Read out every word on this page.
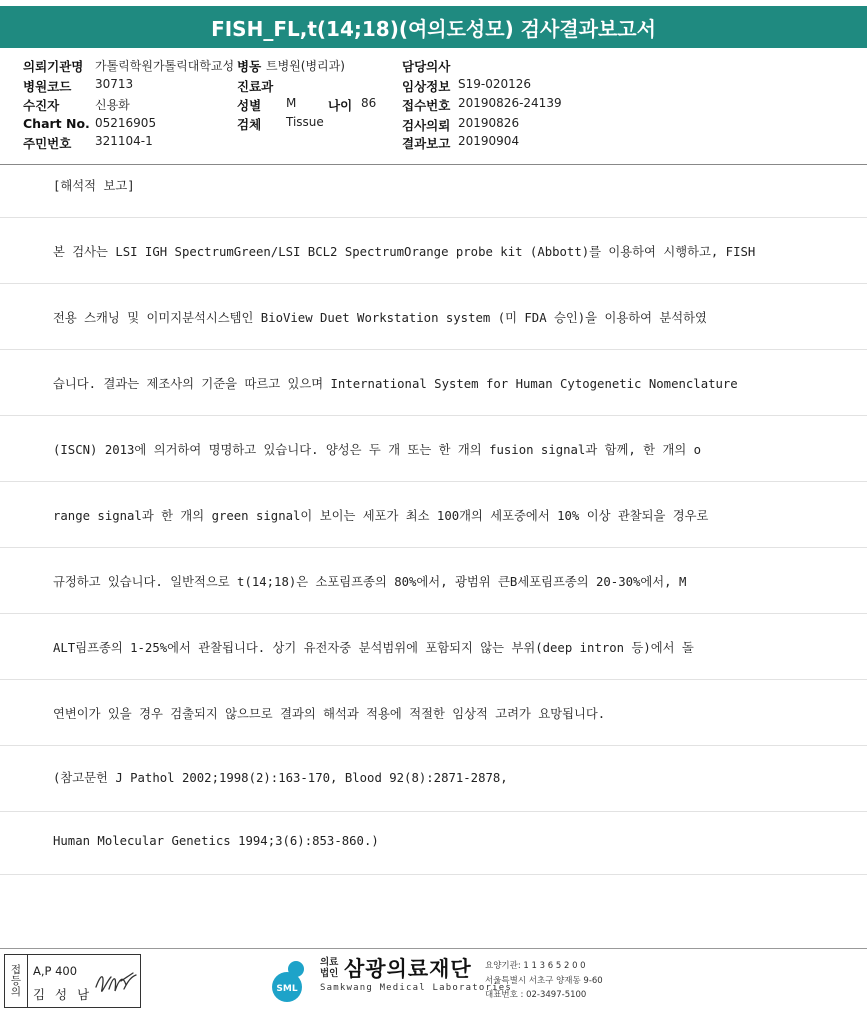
FISH_FL,t(14;18)(여의도성모) 검사결과보고서
의뢰기관명 가톨릭학원가톨릭대학교성 병동 트병원(병리과)	담당의사
병원코드 30713	진료과	임상정보 S19-020126
수진자	신용화	성별 M	나이 86 접수번호 20190826-24139
Chart No. 05216905	검체 Tissue	검사의뢰 20190826
주민번호 321104-1	결과보고 20190904
[해석적 보고]
본 검사는 LSI IGH SpectrumGreen/LSI BCL2 SpectrumOrange probe kit (Abbott)를 이용하여 시행하고, FISH
전용 스캐닝 및 이미지분석시스템인 BioView Duet Workstation system (미 FDA 승인)을 이용하여 분석하였
습니다. 결과는 제조사의 기준을 따르고 있으며 International System for Human Cytogenetic Nomenclature
(ISCN) 2013에 의거하여 명명하고 있습니다. 양성은 두 개 또는 한 개의 fusion signal과 함께, 한 개의 o
range signal과 한 개의 green signal이 보이는 세포가 최소 100개의 세포중에서 10% 이상 관찰되을 경우로
규정하고 있습니다. 일반적으로 t(14;18)은 소포림프종의 80%에서, 광범위 큰B세포림프종의 20-30%에서, M
ALT림프종의 1-25%에서 관찰됩니다. 상기 유전자중 분석범위에 포함되지 않는 부위(deep intron 등)에서 돌
연변이가 있을 경우 검출되지 않으므로 결과의 해석과 적용에 적절한 임상적 고려가 요망됩니다.
(참고문헌 J Pathol 2002;1998(2):163-170, Blood 92(8):2871-2878,
Human Molecular Genetics 1994;3(6):853-860.)
접
등
의
A,P 400
김 성 남	SML
의료
법인 삼광의료재단
Samkwang Medical Laboratories
요양기관: 1 1 3 6 5 2 0 0
서울특별시 서초구 양재동 9-60
대표번호 : 02-3497-5100
